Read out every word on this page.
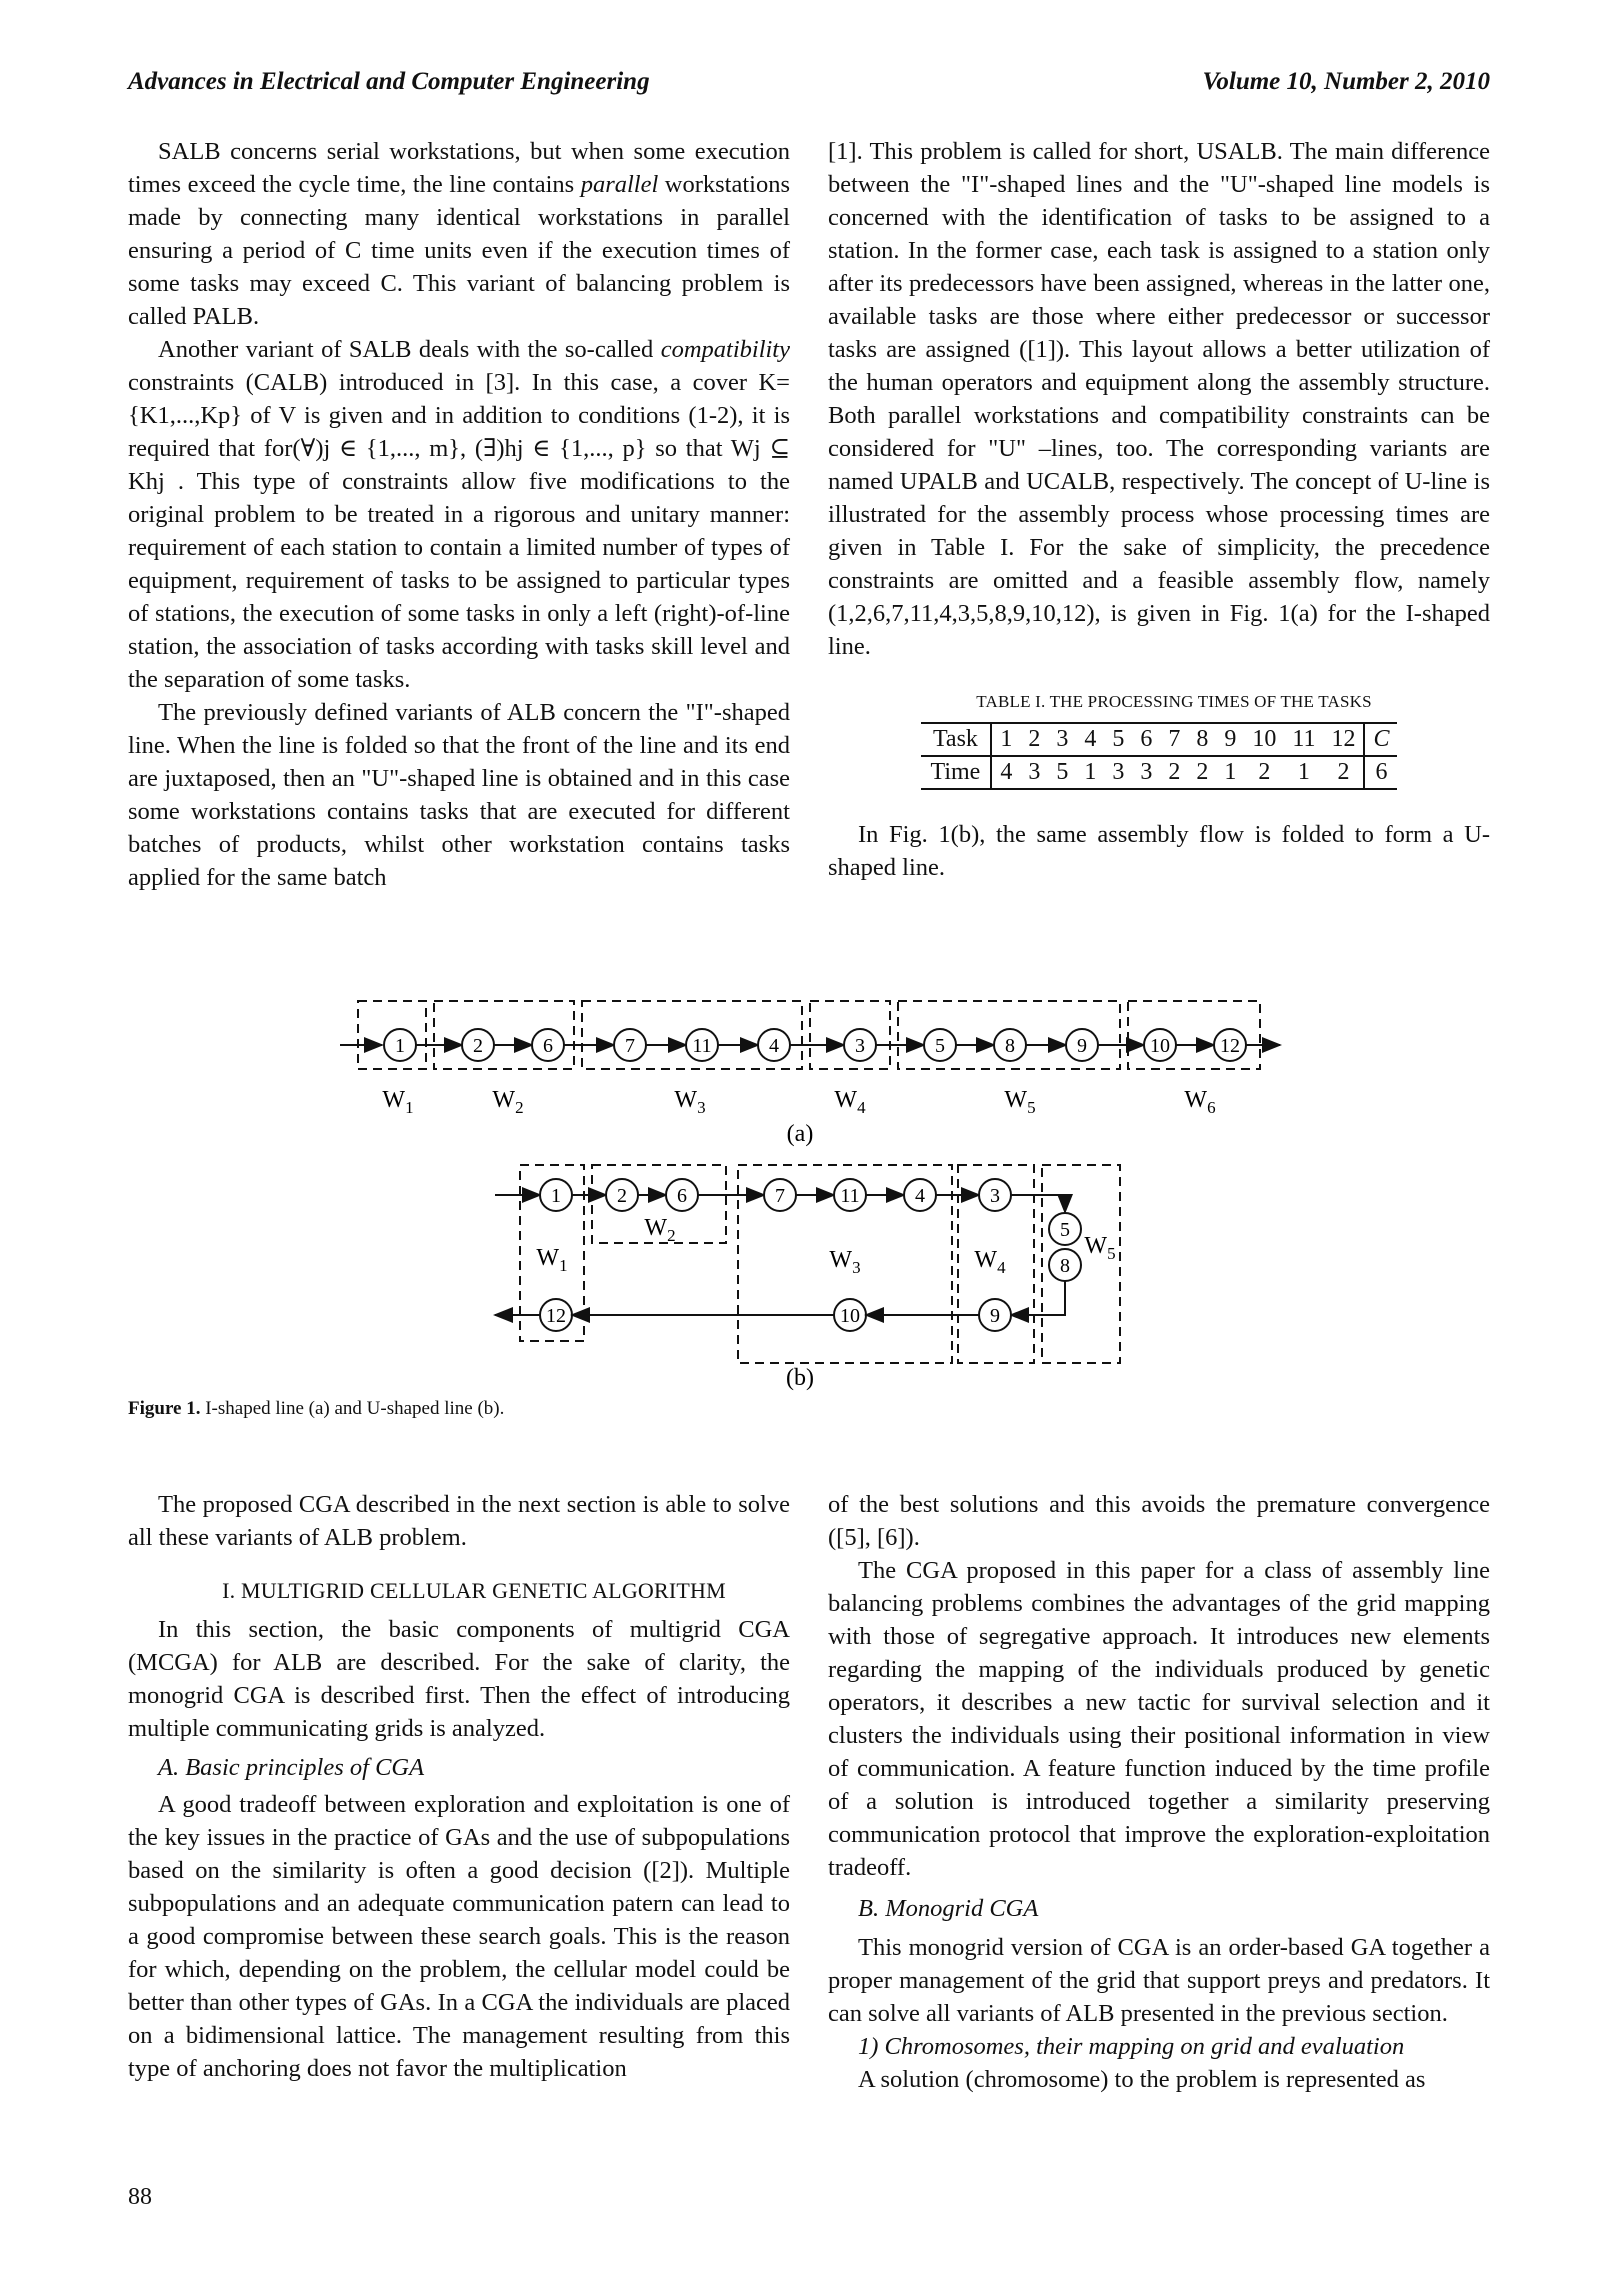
Advances in Electrical and Computer Engineering	Volume 10, Number 2, 2010

SALB concerns serial workstations, but when some execution times exceed the cycle time, the line contains parallel workstations made by connecting many identical workstations in parallel ensuring a period of C time units even if the execution times of some tasks may exceed C. This variant of balancing problem is called PALB.

Another variant of SALB deals with the so-called compatibility constraints (CALB) introduced in [3]. In this case, a cover K={K1,...,Kp} of V is given and in addition to conditions (1-2), it is required that for(∀)j ∈ {1,..., m}, (∃)hj ∈ {1,..., p} so that Wj ⊆ Khj . This type of constraints allow five modifications to the original problem to be treated in a rigorous and unitary manner: requirement of each station to contain a limited number of types of equipment, requirement of tasks to be assigned to particular types of stations, the execution of some tasks in only a left (right)-of-line station, the association of tasks according with tasks skill level and the separation of some tasks.

The previously defined variants of ALB concern the "I"-shaped line. When the line is folded so that the front of the line and its end are juxtaposed, then an "U"-shaped line is obtained and in this case some workstations contains tasks that are executed for different batches of products, whilst other workstation contains tasks applied for the same batch

[1]. This problem is called for short, USALB. The main difference between the "I"-shaped lines and the "U"-shaped line models is concerned with the identification of tasks to be assigned to a station. In the former case, each task is assigned to a station only after its predecessors have been assigned, whereas in the latter one, available tasks are those where either predecessor or successor tasks are assigned ([1]). This layout allows a better utilization of the human operators and equipment along the assembly structure. Both parallel workstations and compatibility constraints can be considered for "U" –lines, too. The corresponding variants are named UPALB and UCALB, respectively. The concept of U-line is illustrated for the assembly process whose processing times are given in Table I. For the sake of simplicity, the precedence constraints are omitted and a feasible assembly flow, namely (1,2,6,7,11,4,3,5,8,9,10,12), is given in Fig. 1(a) for the I-shaped line.

TABLE I. THE PROCESSING TIMES OF THE TASKS

Task	1	2	3	4	5	6	7	8	9	10	11	12	C
Time	4	3	5	1	3	3	2	2	1	2	1	2	6

In Fig. 1(b), the same assembly flow is folded to form a U-shaped line.

1	2	6	7	11	4	3	5	8	9	10	12
$W_1$	$W_2$	$W_3$	$W_4$	$W_5$	$W_6$
1	2	6	7	11	4	3
5
8
9
10
12
$W_1$
$W_2$
$W_3$	$W_4$
$W_5$
(a)
(b)
Figure 1. I-shaped line (a) and U-shaped line (b).

The proposed CGA described in the next section is able to solve all these variants of ALB problem.

I. MULTIGRID CELLULAR GENETIC ALGORITHM

In this section, the basic components of multigrid CGA (MCGA) for ALB are described. For the sake of clarity, the monogrid CGA is described first. Then the effect of introducing multiple communicating grids is analyzed.

A. Basic principles of CGA

A good tradeoff between exploration and exploitation is one of the key issues in the practice of GAs and the use of subpopulations based on the similarity is often a good decision ([2]). Multiple subpopulations and an adequate communication patern can lead to a good compromise between these search goals. This is the reason for which, depending on the problem, the cellular model could be better than other types of GAs. In a CGA the individuals are placed on a bidimensional lattice. The management resulting from this type of anchoring does not favor the multiplication

of the best solutions and this avoids the premature convergence ([5], [6]).

The CGA proposed in this paper for a class of assembly line balancing problems combines the advantages of the grid mapping with those of segregative approach. It introduces new elements regarding the mapping of the individuals produced by genetic operators, it describes a new tactic for survival selection and it clusters the individuals using their positional information in view of communication. A feature function induced by the time profile of a solution is introduced together a similarity preserving communication protocol that improve the exploration-exploitation tradeoff.

B. Monogrid CGA

This monogrid version of CGA is an order-based GA together a proper management of the grid that support preys and predators. It can solve all variants of ALB presented in the previous section.

1) Chromosomes, their mapping on grid and evaluation

A solution (chromosome) to the problem is represented as

88
